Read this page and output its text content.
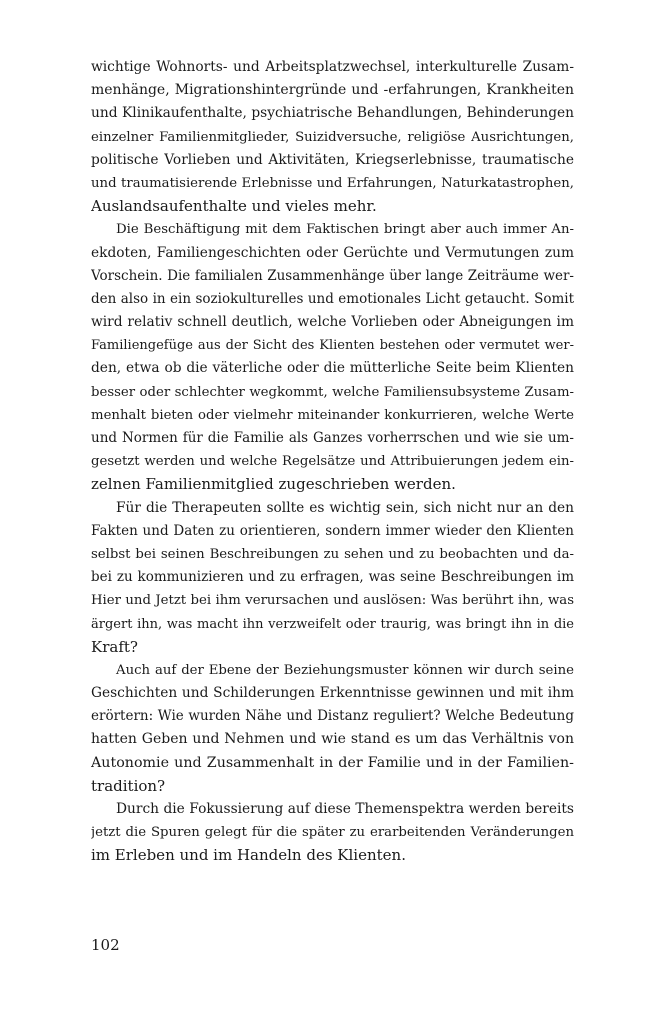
wichtige Wohnorts- und Arbeitsplatzwechsel, interkulturelle Zusam-
menhänge, Migrationshintergründe und -erfahrungen, Krankheiten
und Klinikaufenthalte, psychiatrische Behandlungen, Behinderungen
einzelner Familienmitglieder, Suizidversuche, religiöse Ausrichtungen,
politische Vorlieben und Aktivitäten, Kriegserlebnisse, traumatische
und traumatisierende Erlebnisse und Erfahrungen, Naturkatastrophen,
Auslandsaufenthalte und vieles mehr.
Die Beschäftigung mit dem Faktischen bringt aber auch immer An-
ekdoten, Familiengeschichten oder Gerüchte und Vermutungen zum
Vorschein. Die familialen Zusammenhänge über lange Zeiträume wer-
den also in ein soziokulturelles und emotionales Licht getaucht. Somit
wird relativ schnell deutlich, welche Vorlieben oder Abneigungen im
Familiengefüge aus der Sicht des Klienten bestehen oder vermutet wer-
den, etwa ob die väterliche oder die mütterliche Seite beim Klienten
besser oder schlechter wegkommt, welche Familiensubsysteme Zusam-
menhalt bieten oder vielmehr miteinander konkurrieren, welche Werte
und Normen für die Familie als Ganzes vorherrschen und wie sie um-
gesetzt werden und welche Regelsätze und Attribuierungen jedem ein-
zelnen Familienmitglied zugeschrieben werden.
Für die Therapeuten sollte es wichtig sein, sich nicht nur an den
Fakten und Daten zu orientieren, sondern immer wieder den Klienten
selbst bei seinen Beschreibungen zu sehen und zu beobachten und da-
bei zu kommunizieren und zu erfragen, was seine Beschreibungen im
Hier und Jetzt bei ihm verursachen und auslösen: Was berührt ihn, was
ärgert ihn, was macht ihn verzweifelt oder traurig, was bringt ihn in die
Kraft?
Auch auf der Ebene der Beziehungsmuster können wir durch seine
Geschichten und Schilderungen Erkenntnisse gewinnen und mit ihm
erörtern: Wie wurden Nähe und Distanz reguliert? Welche Bedeutung
hatten Geben und Nehmen und wie stand es um das Verhältnis von
Autonomie und Zusammenhalt in der Familie und in der Familien-
tradition?
Durch die Fokussierung auf diese Themenspektra werden bereits
jetzt die Spuren gelegt für die später zu erarbeitenden Veränderungen
im Erleben und im Handeln des Klienten.
102
